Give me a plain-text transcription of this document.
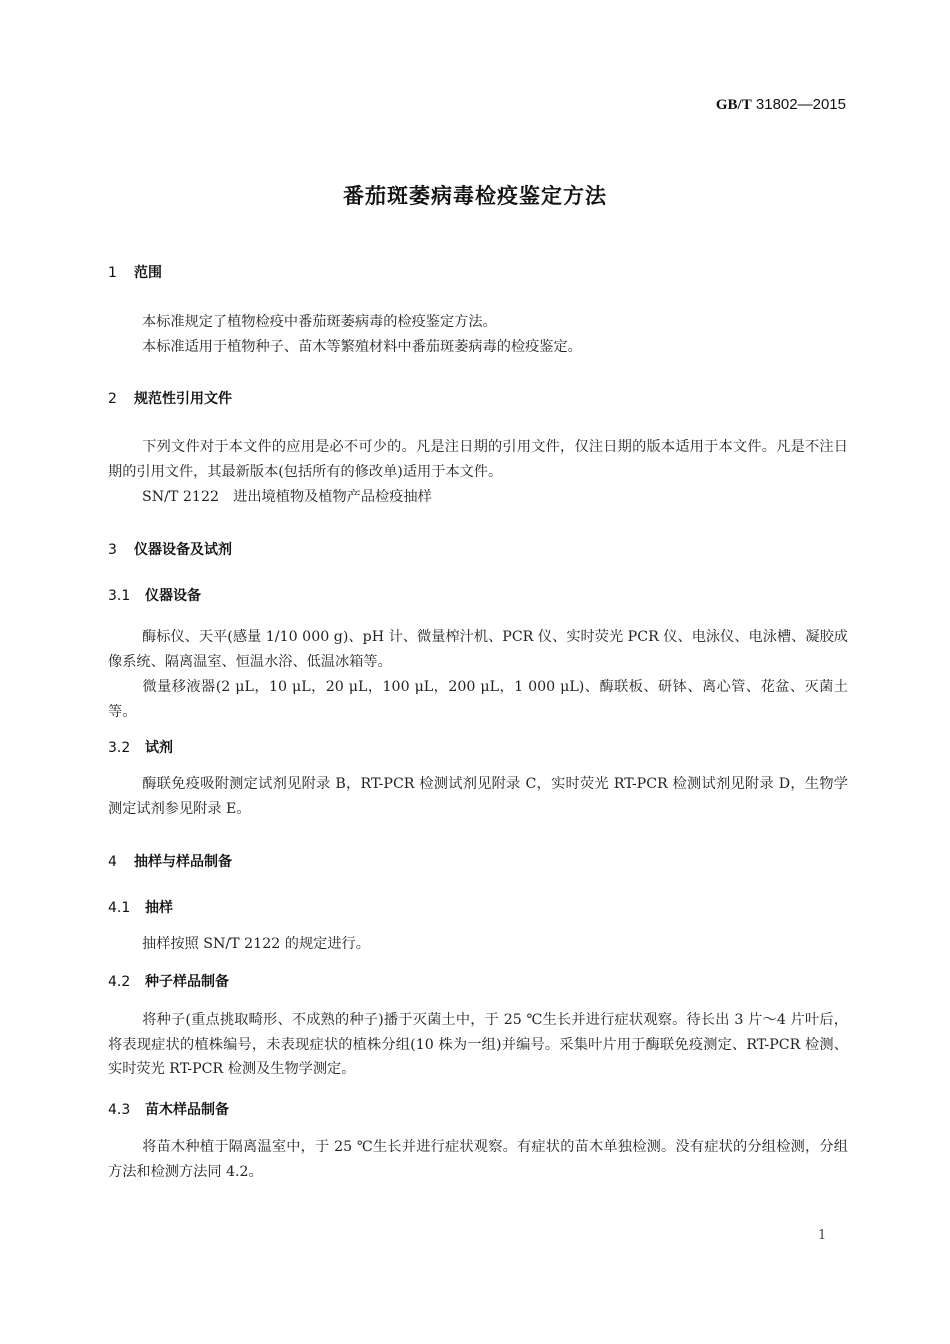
GB/T 31802—2015
番茄斑萎病毒检疫鉴定方法
1 范围
本标准规定了植物检疫中番茄斑萎病毒的检疫鉴定方法。
本标准适用于植物种子、苗木等繁殖材料中番茄斑萎病毒的检疫鉴定。
2 规范性引用文件
下列文件对于本文件的应用是必不可少的。凡是注日期的引用文件，仅注日期的版本适用于本文件。凡是不注日期的引用文件，其最新版本(包括所有的修改单)适用于本文件。
SN/T 2122　进出境植物及植物产品检疫抽样
3 仪器设备及试剂
3.1 仪器设备
酶标仪、天平(感量 1/10 000 g)、pH 计、微量榨汁机、PCR 仪、实时荧光 PCR 仪、电泳仪、电泳槽、凝胶成像系统、隔离温室、恒温水浴、低温冰箱等。
微量移液器(2 μL，10 μL，20 μL，100 μL，200 μL，1 000 μL)、酶联板、研钵、离心管、花盆、灭菌土等。
3.2 试剂
酶联免疫吸附测定试剂见附录 B，RT-PCR 检测试剂见附录 C，实时荧光 RT-PCR 检测试剂见附录 D，生物学测定试剂参见附录 E。
4 抽样与样品制备
4.1 抽样
抽样按照 SN/T 2122 的规定进行。
4.2 种子样品制备
将种子(重点挑取畸形、不成熟的种子)播于灭菌土中，于 25 ℃生长并进行症状观察。待长出 3 片～4 片叶后，将表现症状的植株编号，未表现症状的植株分组(10 株为一组)并编号。采集叶片用于酶联免疫测定、RT-PCR 检测、实时荧光 RT-PCR 检测及生物学测定。
4.3 苗木样品制备
将苗木种植于隔离温室中，于 25 ℃生长并进行症状观察。有症状的苗木单独检测。没有症状的分组检测，分组方法和检测方法同 4.2。
1
